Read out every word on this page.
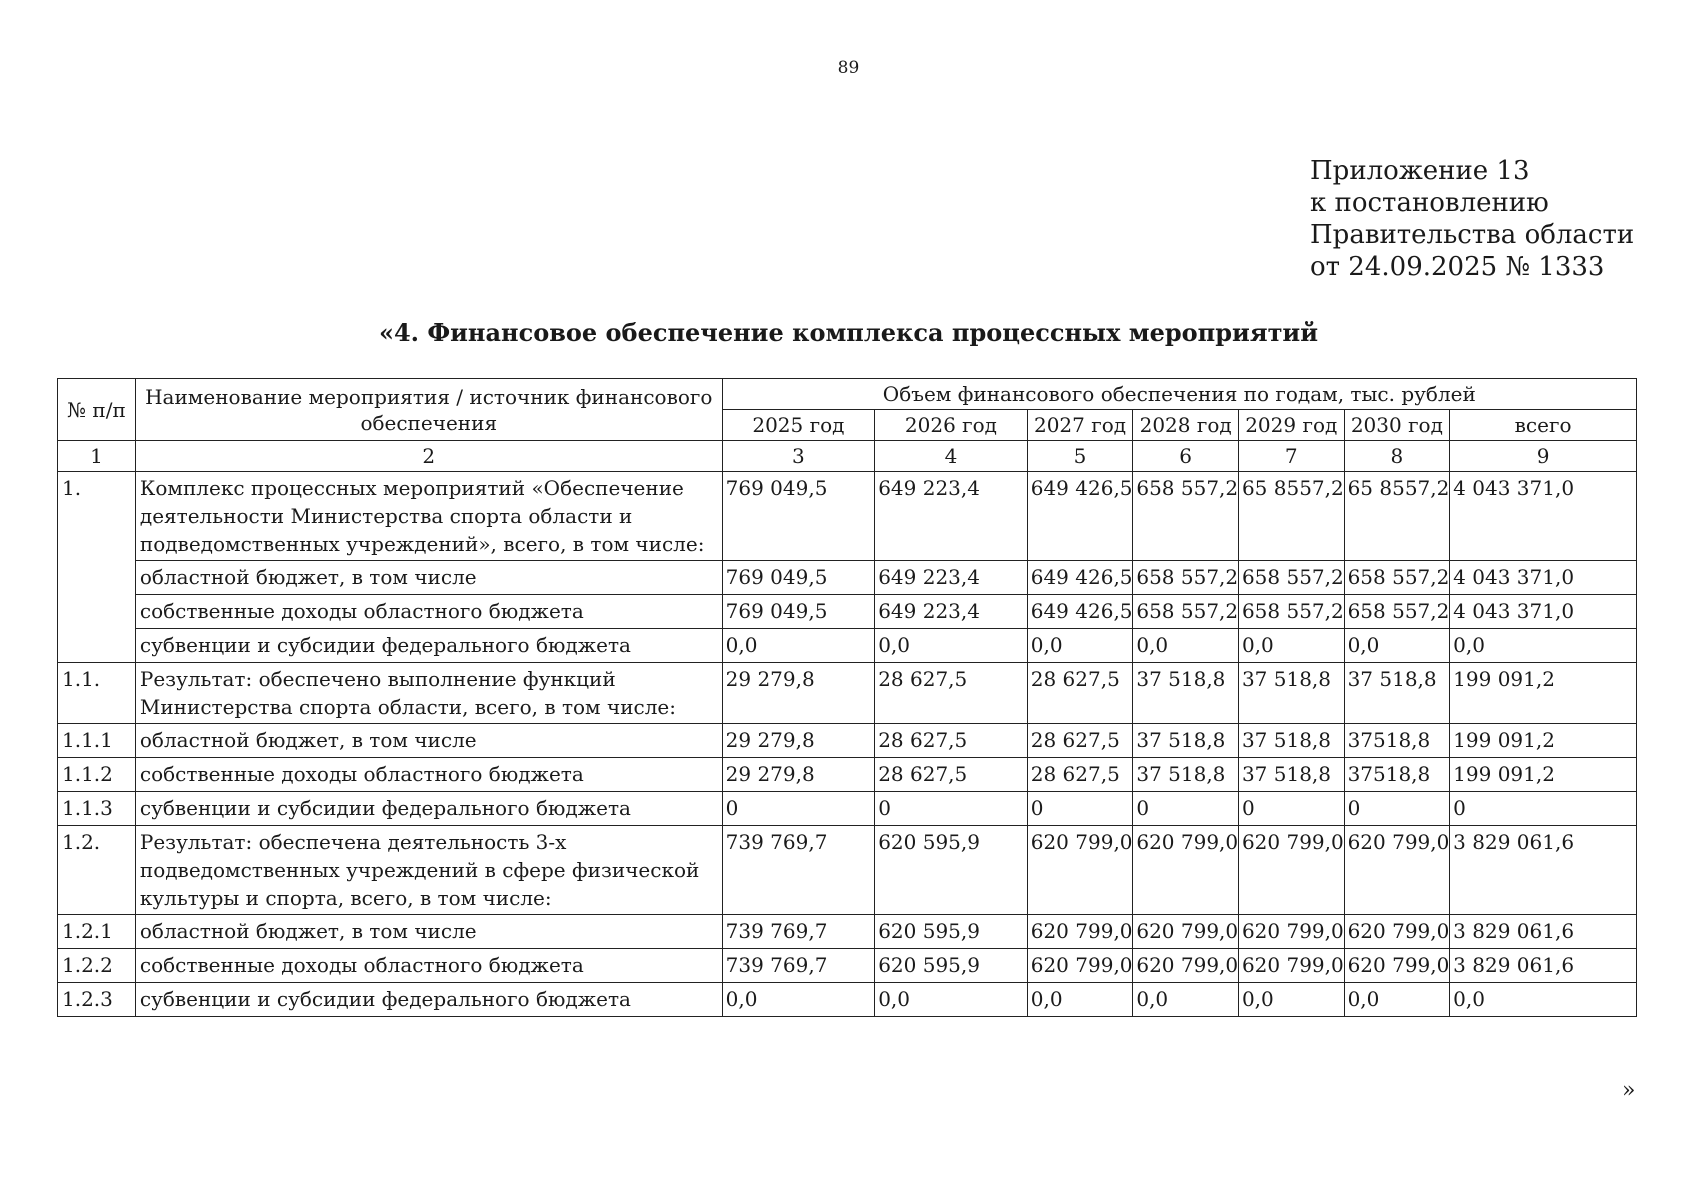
89
Приложение 13
к постановлению
Правительства области
от 24.09.2025 № 1333
«4. Финансовое обеспечение комплекса процессных мероприятий
№ п/п	Наименование мероприятия / источник финансового обеспечения	Объем финансового обеспечения по годам, тыс. рублей						
		2025 год	2026 год	2027 год	2028 год	2029 год	2030 год	всего
1	2	3	4	5	6	7	8	9
1.	Комплекс процессных мероприятий «Обеспечение деятельности Министерства спорта области и подведомственных учреждений», всего, в том числе:	769 049,5	649 223,4	649 426,5	658 557,2	65 8557,2	65 8557,2	4 043 371,0
	областной бюджет, в том числе	769 049,5	649 223,4	649 426,5	658 557,2	658 557,2	658 557,2	4 043 371,0
	собственные доходы областного бюджета	769 049,5	649 223,4	649 426,5	658 557,2	658 557,2	658 557,2	4 043 371,0
	субвенции и субсидии федерального бюджета	0,0	0,0	0,0	0,0	0,0	0,0	0,0
1.1.	Результат: обеспечено выполнение функций Министерства спорта области, всего, в том числе:	29 279,8	28 627,5	28 627,5	37 518,8	37 518,8	37 518,8	199 091,2
1.1.1	областной бюджет, в том числе	29 279,8	28 627,5	28 627,5	37 518,8	37 518,8	37518,8	199 091,2
1.1.2	собственные доходы областного бюджета	29 279,8	28 627,5	28 627,5	37 518,8	37 518,8	37518,8	199 091,2
1.1.3	субвенции и субсидии федерального бюджета	0	0	0	0	0	0	0
1.2.	Результат: обеспечена деятельность 3-х подведомственных учреждений в сфере физической культуры и спорта, всего, в том числе:	739 769,7	620 595,9	620 799,0	620 799,0	620 799,0	620 799,0	3 829 061,6
1.2.1	областной бюджет, в том числе	739 769,7	620 595,9	620 799,0	620 799,0	620 799,0	620 799,0	3 829 061,6
1.2.2	собственные доходы областного бюджета	739 769,7	620 595,9	620 799,0	620 799,0	620 799,0	620 799,0	3 829 061,6
1.2.3	субвенции и субсидии федерального бюджета	0,0	0,0	0,0	0,0	0,0	0,0	0,0
»
